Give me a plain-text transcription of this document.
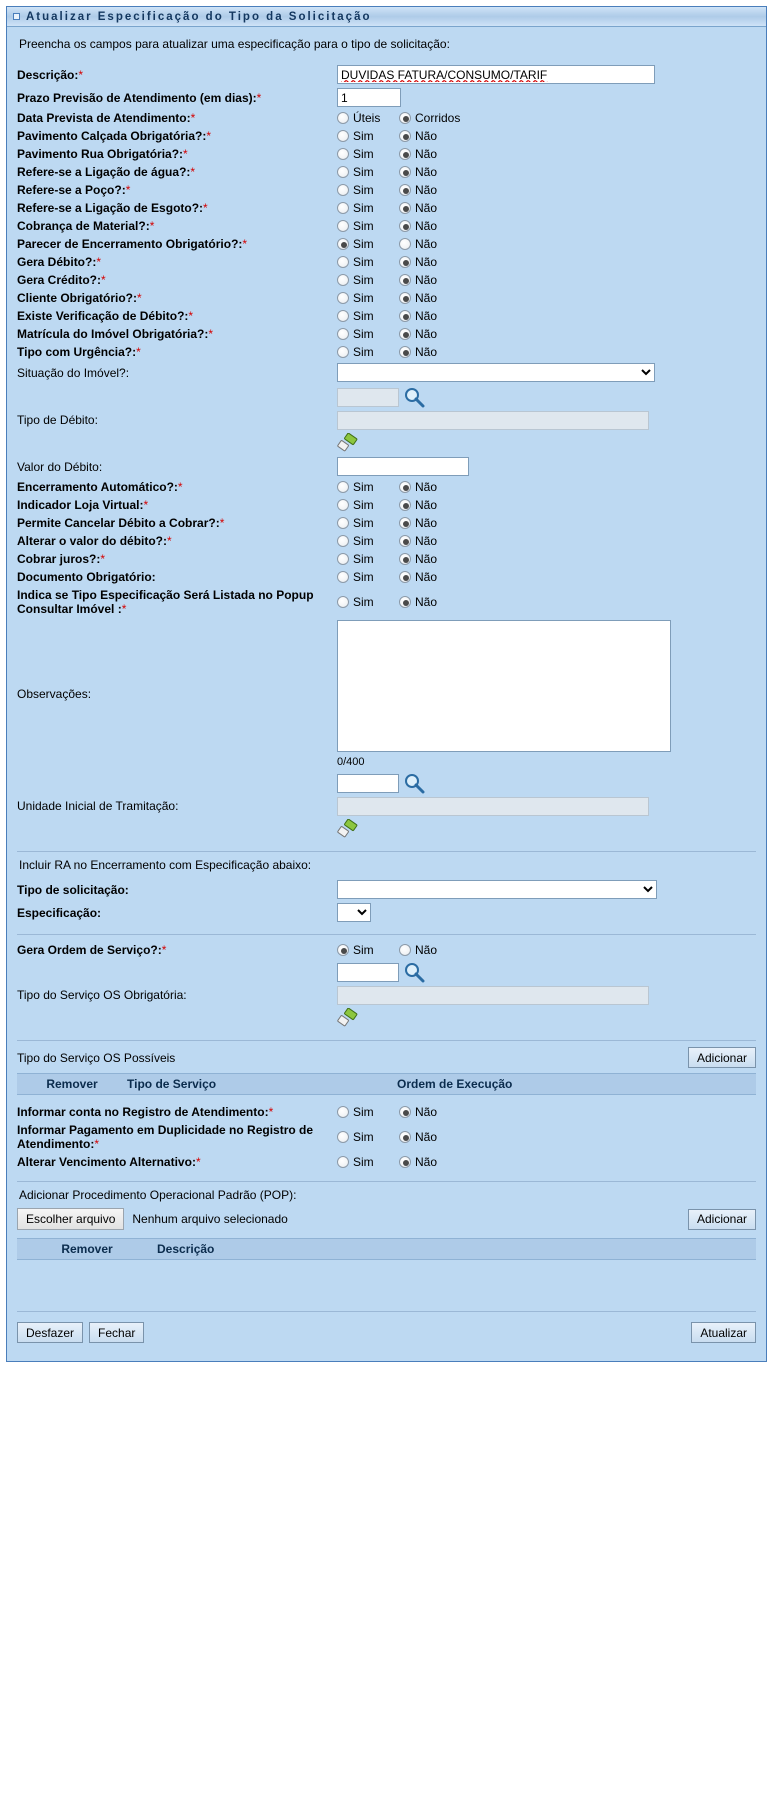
Atualizar Especificação do Tipo da Solicitação
Preencha os campos para atualizar uma especificação para o tipo de solicitação:
Descrição:*	DUVIDAS FATURA/CONSUMO/TARIF
Prazo Previsão de Atendimento (em dias):*	1
Data Prevista de Atendimento:*	Úteis Corridos

Pavimento Calçada Obrigatória?:*	Sim Não

Pavimento Rua Obrigatória?:*	Sim Não

Refere-se a Ligação de água?:*	Sim Não

Refere-se a Poço?:*	Sim Não

Refere-se a Ligação de Esgoto?:*	Sim Não

Cobrança de Material?:*	Sim Não

Parecer de Encerramento Obrigatório?:*	Sim Não

Gera Débito?:*	Sim Não

Gera Crédito?:*	Sim Não

Cliente Obrigatório?:*	Sim Não

Existe Verificação de Débito?:*	Sim Não

Matrícula do Imóvel Obrigatória?:*	Sim Não

Tipo com Urgência?:*	Sim Não

Situação do Imóvel?:	

Tipo de Débito:	

Valor do Débito:	
Encerramento Automático?:*	Sim Não

Indicador Loja Virtual:*	Sim Não

Permite Cancelar Débito a Cobrar?:*	Sim Não

Alterar o valor do débito?:*	Sim Não

Cobrar juros?:*	Sim Não

Documento Obrigatório:	Sim Não

Indica se Tipo Especificação Será Listada no Popup Consultar Imóvel :*	Sim Não

Observações:	0/400

Unidade Inicial de Tramitação:	
Incluir RA no Encerramento com Especificação abaixo:
Tipo de solicitação:	

Especificação:	
Gera Ordem de Serviço?:*	Sim Não

Tipo do Serviço OS Obrigatória:	
Tipo do Serviço OS Possíveis	Adicionar
Remover	Tipo de Serviço	Ordem de Execução
Informar conta no Registro de Atendimento:*	Sim Não

Informar Pagamento em Duplicidade no Registro de Atendimento:*	Sim Não

Alterar Vencimento Alternativo:*	Sim Não
Adicionar Procedimento Operacional Padrão (POP):
Escolher arquivo	Nenhum arquivo selecionado	Adicionar
Remover	Descrição
Desfazer	Fechar	Atualizar
